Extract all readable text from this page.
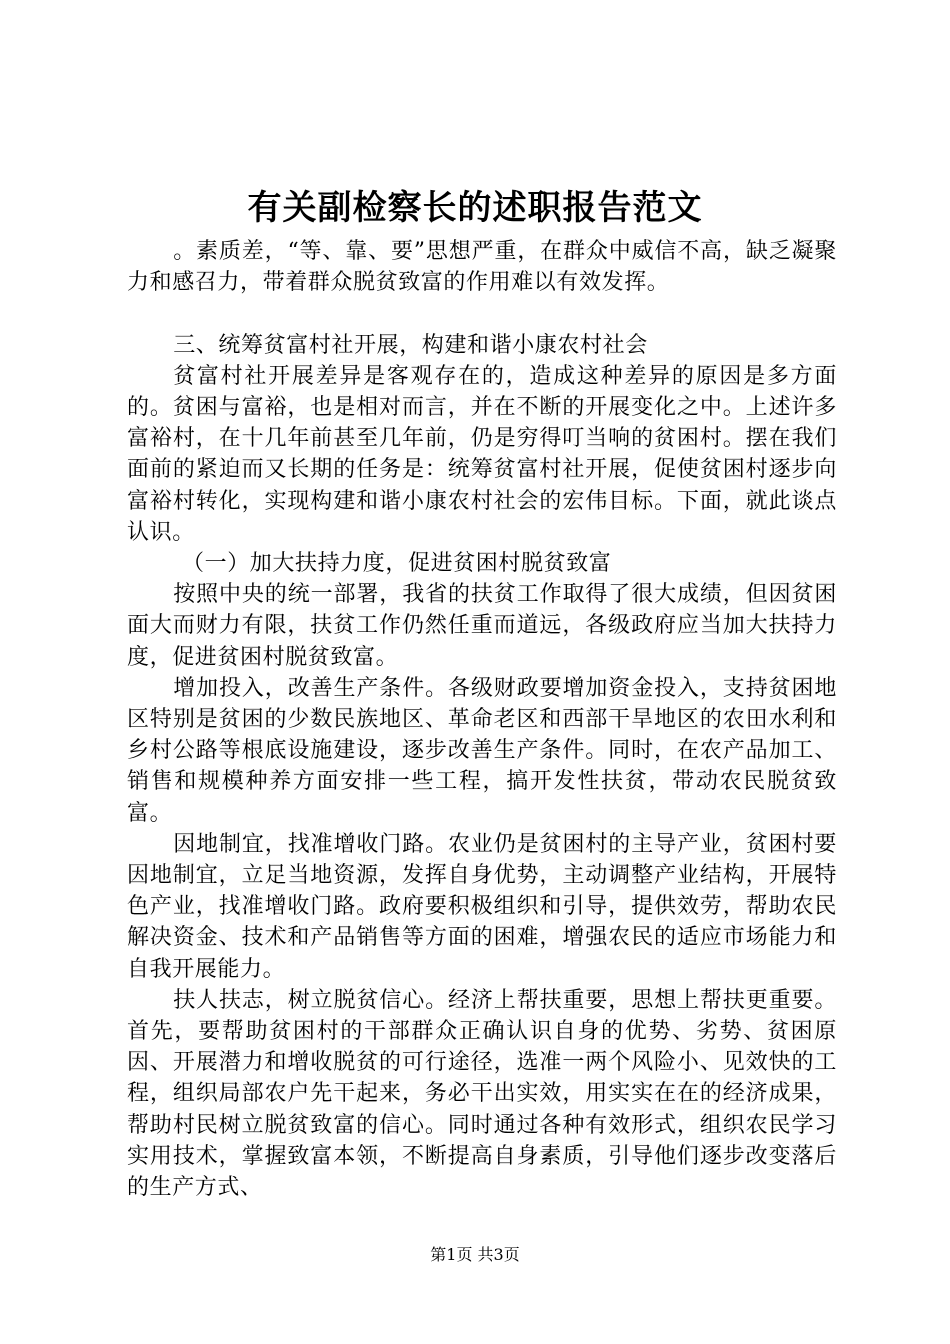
有关副检察长的述职报告范文

。素质差，“等、靠、要”思想严重，在群众中威信不高，缺乏凝聚力和感召力，带着群众脱贫致富的作用难以有效发挥。

三、统筹贫富村社开展，构建和谐小康农村社会

贫富村社开展差异是客观存在的，造成这种差异的原因是多方面的。贫困与富裕，也是相对而言，并在不断的开展变化之中。上述许多富裕村，在十几年前甚至几年前，仍是穷得叮当响的贫困村。摆在我们面前的紧迫而又长期的任务是：统筹贫富村社开展，促使贫困村逐步向富裕村转化，实现构建和谐小康农村社会的宏伟目标。下面，就此谈点认识。

（一）加大扶持力度，促进贫困村脱贫致富

按照中央的统一部署，我省的扶贫工作取得了很大成绩，但因贫困面大而财力有限，扶贫工作仍然任重而道远，各级政府应当加大扶持力度，促进贫困村脱贫致富。

增加投入，改善生产条件。各级财政要增加资金投入，支持贫困地区特别是贫困的少数民族地区、革命老区和西部干旱地区的农田水利和乡村公路等根底设施建设，逐步改善生产条件。同时，在农产品加工、销售和规模种养方面安排一些工程，搞开发性扶贫，带动农民脱贫致富。

因地制宜，找准增收门路。农业仍是贫困村的主导产业，贫困村要因地制宜，立足当地资源，发挥自身优势，主动调整产业结构，开展特色产业，找准增收门路。政府要积极组织和引导，提供效劳，帮助农民解决资金、技术和产品销售等方面的困难，增强农民的适应市场能力和自我开展能力。

扶人扶志，树立脱贫信心。经济上帮扶重要，思想上帮扶更重要。首先，要帮助贫困村的干部群众正确认识自身的优势、劣势、贫困原因、开展潜力和增收脱贫的可行途径，选准一两个风险小、见效快的工程，组织局部农户先干起来，务必干出实效，用实实在在的经济成果，帮助村民树立脱贫致富的信心。同时通过各种有效形式，组织农民学习实用技术，掌握致富本领，不断提高自身素质，引导他们逐步改变落后的生产方式、

第1页 共3页
